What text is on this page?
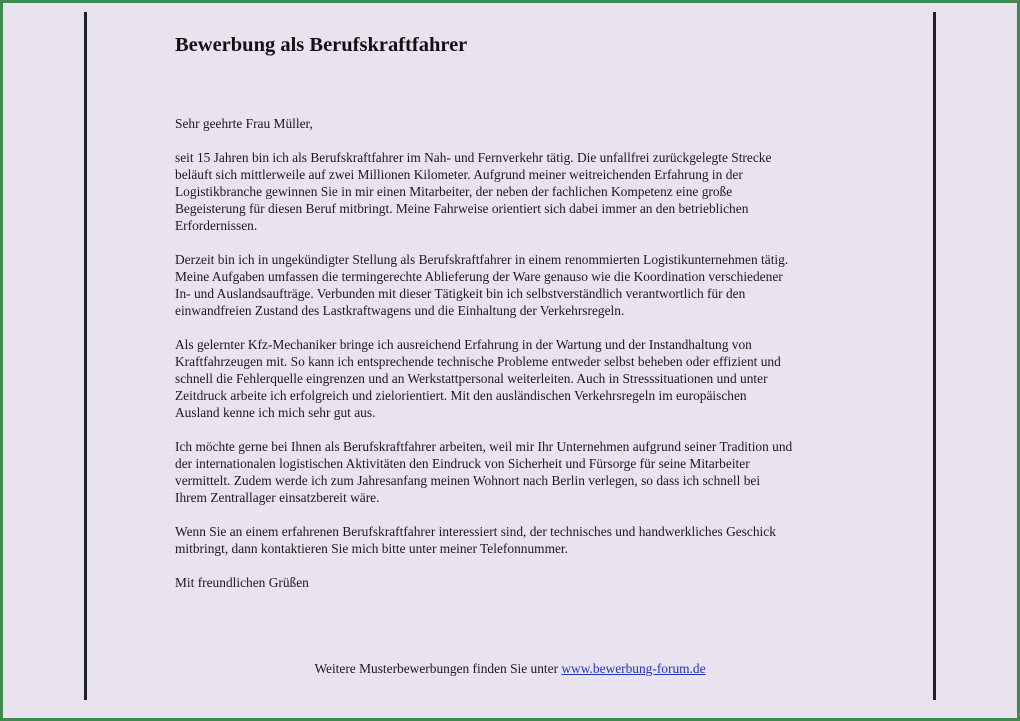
Bewerbung als Berufskraftfahrer

Sehr geehrte Frau Müller,

seit 15 Jahren bin ich als Berufskraftfahrer im Nah- und Fernverkehr tätig. Die unfallfrei zurückgelegte Strecke
beläuft sich mittlerweile auf zwei Millionen Kilometer. Aufgrund meiner weitreichenden Erfahrung in der
Logistikbranche gewinnen Sie in mir einen Mitarbeiter, der neben der fachlichen Kompetenz eine große
Begeisterung für diesen Beruf mitbringt. Meine Fahrweise orientiert sich dabei immer an den betrieblichen
Erfordernissen.

Derzeit bin ich in ungekündigter Stellung als Berufskraftfahrer in einem renommierten Logistikunternehmen tätig.
Meine Aufgaben umfassen die termingerechte Ablieferung der Ware genauso wie die Koordination verschiedener
In- und Auslandsaufträge. Verbunden mit dieser Tätigkeit bin ich selbstverständlich verantwortlich für den
einwandfreien Zustand des Lastkraftwagens und die Einhaltung der Verkehrsregeln.

Als gelernter Kfz-Mechaniker bringe ich ausreichend Erfahrung in der Wartung und der Instandhaltung von
Kraftfahrzeugen mit. So kann ich entsprechende technische Probleme entweder selbst beheben oder effizient und
schnell die Fehlerquelle eingrenzen und an Werkstattpersonal weiterleiten. Auch in Stresssituationen und unter
Zeitdruck arbeite ich erfolgreich und zielorientiert. Mit den ausländischen Verkehrsregeln im europäischen
Ausland kenne ich mich sehr gut aus.

Ich möchte gerne bei Ihnen als Berufskraftfahrer arbeiten, weil mir Ihr Unternehmen aufgrund seiner Tradition und
der internationalen logistischen Aktivitäten den Eindruck von Sicherheit und Fürsorge für seine Mitarbeiter
vermittelt. Zudem werde ich zum Jahresanfang meinen Wohnort nach Berlin verlegen, so dass ich schnell bei
Ihrem Zentrallager einsatzbereit wäre.

Wenn Sie an einem erfahrenen Berufskraftfahrer interessiert sind, der technisches und handwerkliches Geschick
mitbringt, dann kontaktieren Sie mich bitte unter meiner Telefonnummer.

Mit freundlichen Grüßen

Weitere Musterbewerbungen finden Sie unter www.bewerbung-forum.de
